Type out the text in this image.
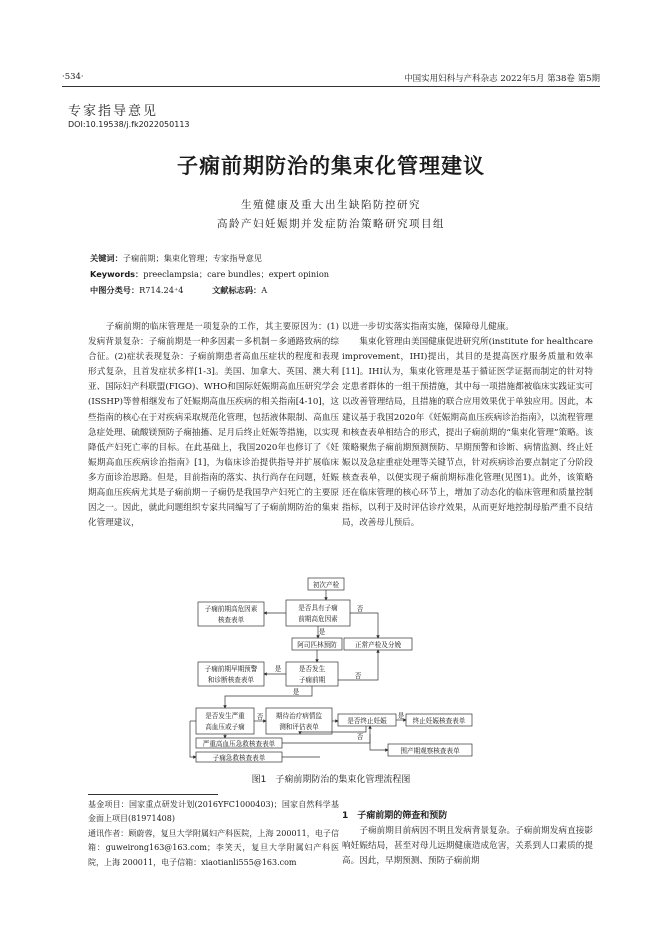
·534·	中国实用妇科与产科杂志 2022年5月 第38卷 第5期
专家指导意见
DOI:10.19538/j.fk2022050113
子痫前期防治的集束化管理建议
生殖健康及重大出生缺陷防控研究
高龄产妇妊娠期并发症防治策略研究项目组
关键词：子痫前期；集束化管理；专家指导意见
Keywords：preeclampsia；care bundles；expert opinion
中图分类号：R714.24⁺4	文献标志码：A

　　子痫前期的临床管理是一项复杂的工作，其主要原因为：(1)发病背景复杂：子痫前期是一种多因素－多机制－多通路致病的综合征。(2)症状表现复杂：子痫前期患者高血压症状的程度和表现形式复杂，且首发症状多样[1-3]。美国、加拿大、英国、澳大利亚、国际妇产科联盟(FIGO)、WHO和国际妊娠期高血压研究学会(ISSHP)等曾相继发布了妊娠期高血压疾病的相关指南[4-10]，这些指南的核心在于对疾病采取规范化管理，包括液体限制、高血压急症处理、硫酸镁预防子痫抽搐、足月后终止妊娠等措施，以实现降低产妇死亡率的目标。在此基础上，我国2020年也修订了《妊娠期高血压疾病诊治指南》[1]，为临床诊治提供指导并扩展临床多方面诊治思路。但是，目前指南的落实、执行尚存在问题，妊娠期高血压疾病尤其是子痫前期－子痫仍是我国孕产妇死亡的主要原因之一。因此，就此问题组织专家共同编写了子痫前期防治的集束化管理建议，

以进一步切实落实指南实施，保障母儿健康。

　　集束化管理由美国健康促进研究所(institute for healthcare improvement，IHI)提出，其目的是提高医疗服务质量和效率[11]。IHI认为，集束化管理是基于循证医学证据而制定的针对特定患者群体的一组干预措施，其中每一项措施都被临床实践证实可以改善管理结局，且措施的联合应用效果优于单独应用。因此，本建议基于我国2020年《妊娠期高血压疾病诊治指南》，以流程管理和核查表单相结合的形式，提出子痫前期的“集束化管理”策略。该策略聚焦子痫前期预测预防、早期预警和诊断、病情监测、终止妊娠以及急症重症处理等关键节点，针对疾病诊治要点制定了分阶段核查表单，以便实现子痫前期标准化管理(见图1)。此外，该策略还在临床管理的核心环节上，增加了动态化的临床管理和质量控制指标，以利于及时评估诊疗效果，从而更好地控制母胎严重不良结局，改善母儿预后。

初次产检
是否具有子痫
前期高危因素
子痫前期高危因素
核查表单
阿司匹林预防	正常产检及分娩
子痫前期早期预警
和诊断核查表单
是否发生
子痫前期
是否发生严重
高血压或子痫
期待治疗病情监
测和评估表单
是否终止妊娠	终止妊娠核查表单
严重高血压急救核查表单
子痫急救核查表单
围产期观察核查表单
是
否
是
否
是
否	是
否
图1　子痫前期防治的集束化管理流程图

基金项目：国家重点研发计划(2016YFC1000403)；国家自然科学基金面上项目(81971408)

通讯作者：顾蔚蓉，复旦大学附属妇产科医院，上海 200011，电子信箱：guweirong163@163.com；李笑天，复旦大学附属妇产科医院，上海 200011，电子信箱：xiaotianli555@163.com

1　子痫前期的筛查和预防

　　子痫前期目前病因不明且发病背景复杂。子痫前期发病直接影响妊娠结局，甚至对母儿远期健康造成危害，关系到人口素质的提高。因此，早期预测、预防子痫前期
